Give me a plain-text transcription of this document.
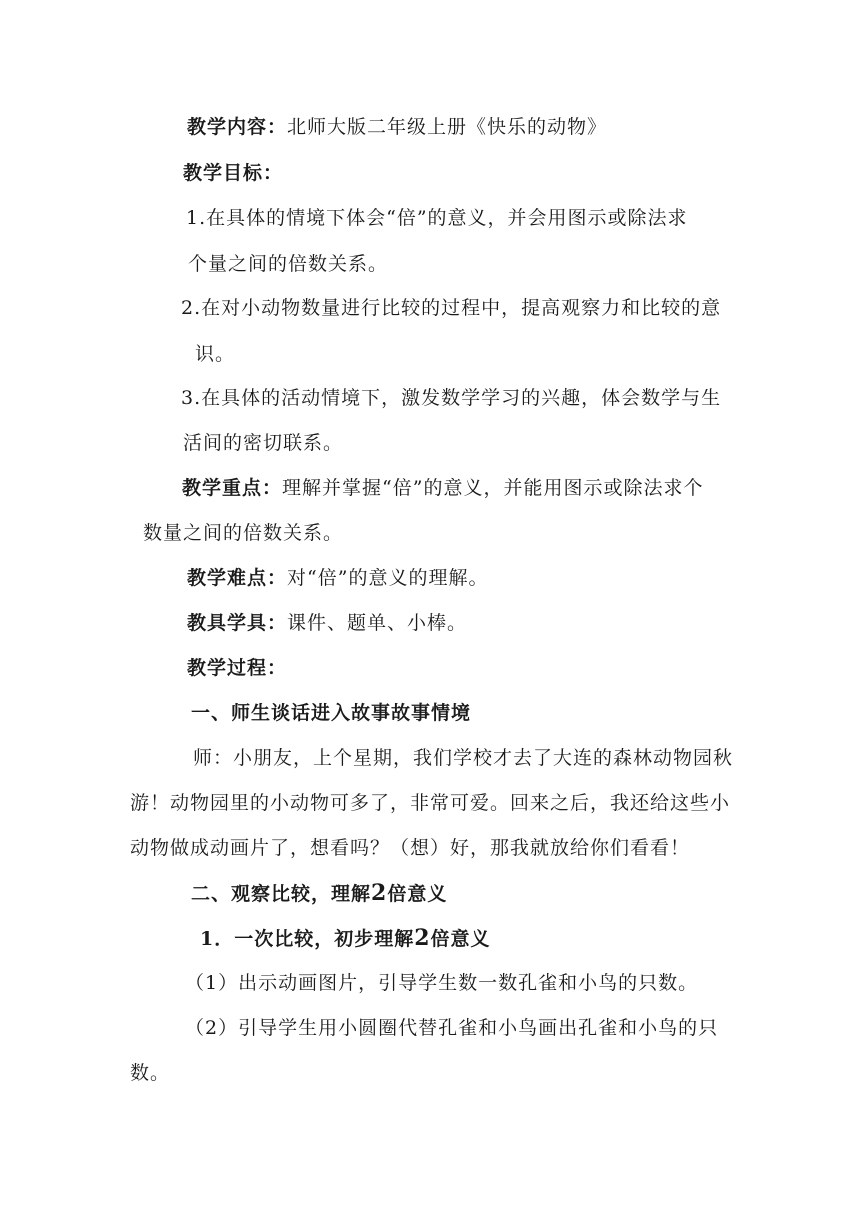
教学内容：北师大版二年级上册《快乐的动物》
教学目标：
1.在具体的情境下体会“倍”的意义，并会用图示或除法求
个量之间的倍数关系。
2.在对小动物数量进行比较的过程中，提高观察力和比较的意
识。
3.在具体的活动情境下，激发数学学习的兴趣，体会数学与生
活间的密切联系。
教学重点：理解并掌握“倍”的意义，并能用图示或除法求个
数量之间的倍数关系。
教学难点：对“倍”的意义的理解。
教具学具：课件、题单、小棒。
教学过程：
一、师生谈话进入故事故事情境
师：小朋友，上个星期，我们学校才去了大连的森林动物园秋
游！动物园里的小动物可多了，非常可爱。回来之后，我还给这些小
动物做成动画片了，想看吗？（想）好，那我就放给你们看看！
二、观察比较，理解2倍意义
1．一次比较，初步理解2倍意义
（1）出示动画图片，引导学生数一数孔雀和小鸟的只数。
（2）引导学生用小圆圈代替孔雀和小鸟画出孔雀和小鸟的只
数。
